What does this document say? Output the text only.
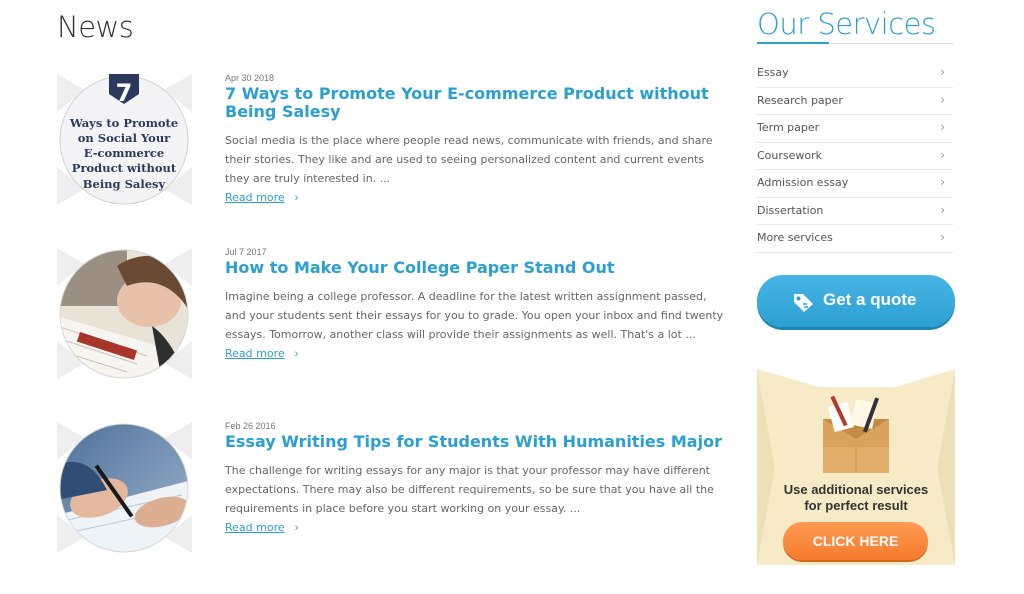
News
7
Ways to Promote
on Social Your
E-commerce
Product without
Being Salesy
Apr 30 2018
7 Ways to Promote Your E-commerce Product without Being Salesy

Social media is the place where people read news, communicate with friends, and share their stories. They like and are used to seeing personalized content and current events they are truly interested in. ...

Read more ›
Jul 7 2017
How to Make Your College Paper Stand Out

Imagine being a college professor. A deadline for the latest written assignment passed, and your students sent their essays for you to grade. You open your inbox and find twenty essays. Tomorrow, another class will provide their assignments as well. That's a lot ...

Read more ›
Feb 26 2016
Essay Writing Tips for Students With Humanities Major

The challenge for writing essays for any major is that your professor may have different expectations. There may also be different requirements, so be sure that you have all the requirements in place before you start working on your essay. ...

Read more ›
Our Services
Essay	›
Research paper	›
Term paper	›
Coursework	›
Admission essay	›
Dissertation	›
More services	›
Get a quote
Use additional services
for perfect result
CLICK HERE
